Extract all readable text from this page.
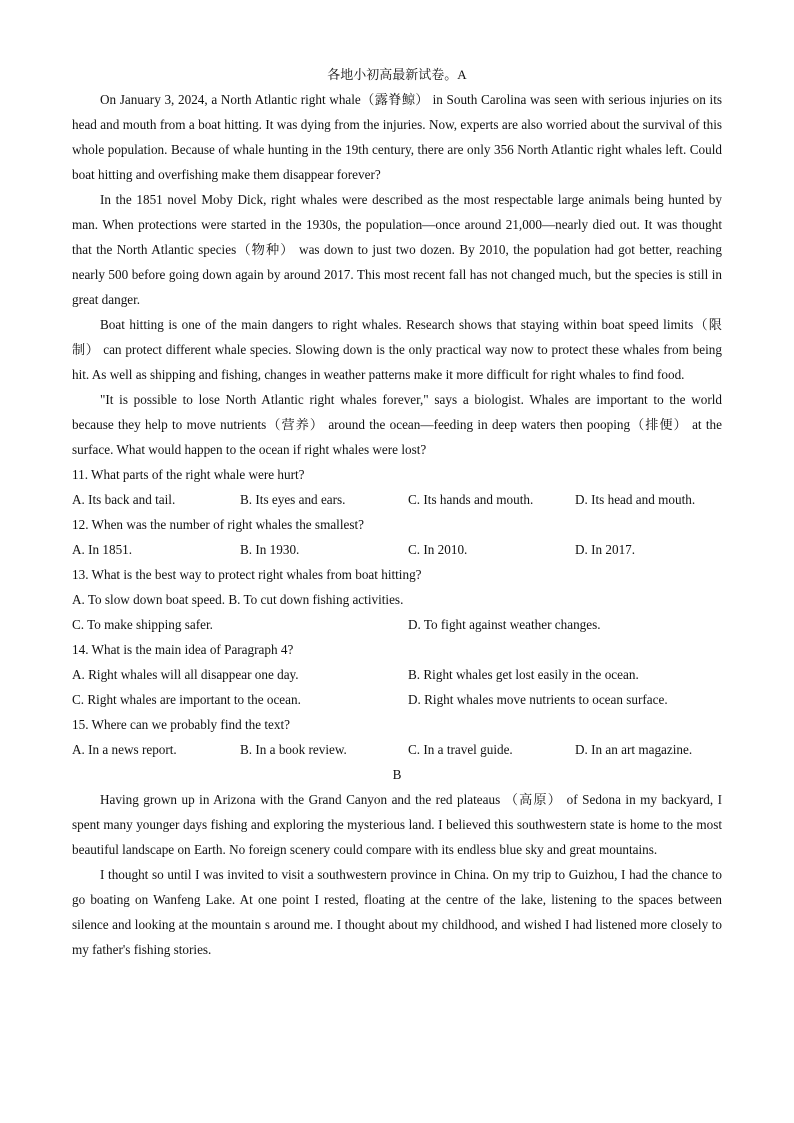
各地小初高最新试卷。A

On January 3, 2024, a North Atlantic right whale（露脊鲸） in South Carolina was seen with serious injuries on its head and mouth from a boat hitting. It was dying from the injuries. Now, experts are also worried about the survival of this whole population. Because of whale hunting in the 19th century, there are only 356 North Atlantic right whales left. Could boat hitting and overfishing make them disappear forever?

In the 1851 novel Moby Dick, right whales were described as the most respectable large animals being hunted by man. When protections were started in the 1930s, the population—once around 21,000—nearly died out. It was thought that the North Atlantic species（物种） was down to just two dozen. By 2010, the population had got better, reaching nearly 500 before going down again by around 2017. This most recent fall has not changed much, but the species is still in great danger.

Boat hitting is one of the main dangers to right whales. Research shows that staying within boat speed limits（限制） can protect different whale species. Slowing down is the only practical way now to protect these whales from being hit. As well as shipping and fishing, changes in weather patterns make it more difficult for right whales to find food.

"It is possible to lose North Atlantic right whales forever," says a biologist. Whales are important to the world because they help to move nutrients（营养） around the ocean—feeding in deep waters then pooping（排便） at the surface. What would happen to the ocean if right whales were lost?

11. What parts of the right whale were hurt?
A. Its back and tail.	B. Its eyes and ears.	C. Its hands and mouth.	D. Its head and mouth.
12. When was the number of right whales the smallest?
A. In 1851.	B. In 1930.	C. In 2010.	D. In 2017.
13. What is the best way to protect right whales from boat hitting?
A. To slow down boat speed. B. To cut down fishing activities.
C. To make shipping safer.	D. To fight against weather changes.
14. What is the main idea of Paragraph 4?
A. Right whales will all disappear one day.	B. Right whales get lost easily in the ocean.
C. Right whales are important to the ocean.	D. Right whales move nutrients to ocean surface.
15. Where can we probably find the text?
A. In a news report.	B. In a book review.	C. In a travel guide.	D. In an art magazine.
B

Having grown up in Arizona with the Grand Canyon and the red plateaus （高原） of Sedona in my backyard, I spent many younger days fishing and exploring the mysterious land. I believed this southwestern state is home to the most beautiful landscape on Earth. No foreign scenery could compare with its endless blue sky and great mountains.

I thought so until I was invited to visit a southwestern province in China. On my trip to Guizhou, I had the chance to go boating on Wanfeng Lake. At one point I rested, floating at the centre of the lake, listening to the spaces between silence and looking at the mountain s around me. I thought about my childhood, and wished I had listened more closely to my father's fishing stories.
